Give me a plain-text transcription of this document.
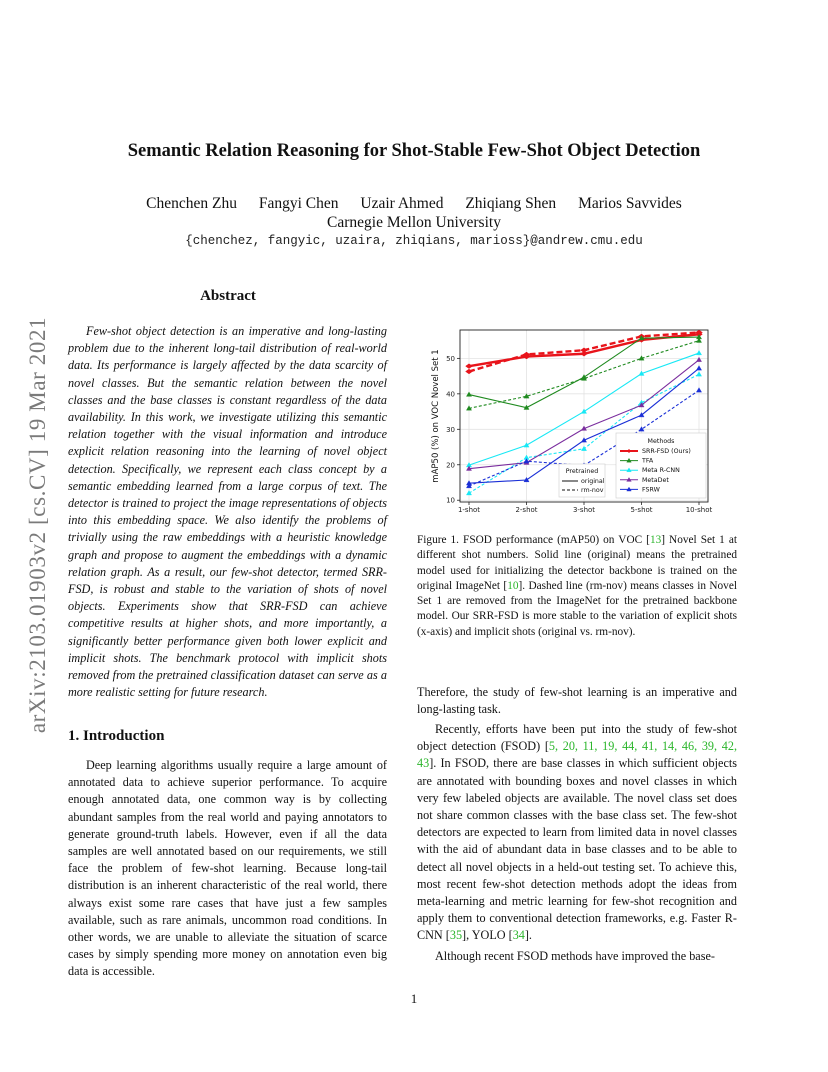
arXiv:2103.01903v2 [cs.CV] 19 Mar 2021
Semantic Relation Reasoning for Shot-Stable Few-Shot Object Detection
Chenchen Zhu Fangyi Chen Uzair Ahmed Zhiqiang Shen Marios Savvides
Carnegie Mellon University
{chenchez, fangyic, uzaira, zhiqians, marioss}@andrew.cmu.edu
Abstract

Few-shot object detection is an imperative and long-lasting problem due to the inherent long-tail distribution of real-world data. Its performance is largely affected by the data scarcity of novel classes. But the semantic relation between the novel classes and the base classes is constant regardless of the data availability. In this work, we investigate utilizing this semantic relation together with the visual information and introduce explicit relation reasoning into the learning of novel object detection. Specifically, we represent each class concept by a semantic embedding learned from a large corpus of text. The detector is trained to project the image representations of objects into this embedding space. We also identify the problems of trivially using the raw embeddings with a heuristic knowledge graph and propose to augment the embeddings with a dynamic relation graph. As a result, our few-shot detector, termed SRR-FSD, is robust and stable to the variation of shots of novel objects. Experiments show that SRR-FSD can achieve competitive results at higher shots, and more importantly, a significantly better performance given both lower explicit and implicit shots. The benchmark protocol with implicit shots removed from the pretrained classification dataset can serve as a more realistic setting for future research.

1. Introduction

Deep learning algorithms usually require a large amount of annotated data to achieve superior performance. To acquire enough annotated data, one common way is by collecting abundant samples from the real world and paying annotators to generate ground-truth labels. However, even if all the data samples are well annotated based on our requirements, we still face the problem of few-shot learning. Because long-tail distribution is an inherent characteristic of the real world, there always exist some rare cases that have just a few samples available, such as rare animals, uncommon road conditions. In other words, we are unable to alleviate the situation of scarce cases by simply spending more money on annotation even big data is accessible.

10
20
30
40
50
1-shot	2-shot	3-shot	5-shot	10-shot
mAP50 (%) on VOC Novel Set 1	Pretrained
original
rm-nov
Methods
SRR-FSD (Ours)
TFA
Meta R-CNN
MetaDet
FSRW

Figure 1. FSOD performance (mAP50) on VOC [13] Novel Set 1 at different shot numbers. Solid line (original) means the pretrained model used for initializing the detector backbone is trained on the original ImageNet [10]. Dashed line (rm-nov) means classes in Novel Set 1 are removed from the ImageNet for the pretrained backbone model. Our SRR-FSD is more stable to the variation of explicit shots (x-axis) and implicit shots (original vs. rm-nov).

Therefore, the study of few-shot learning is an imperative and long-lasting task.

Recently, efforts have been put into the study of few-shot object detection (FSOD) [5, 20, 11, 19, 44, 41, 14, 46, 39, 42, 43]. In FSOD, there are base classes in which sufficient objects are annotated with bounding boxes and novel classes in which very few labeled objects are available. The novel class set does not share common classes with the base class set. The few-shot detectors are expected to learn from limited data in novel classes with the aid of abundant data in base classes and to be able to detect all novel objects in a held-out testing set. To achieve this, most recent few-shot detection methods adopt the ideas from meta-learning and metric learning for few-shot recognition and apply them to conventional detection frameworks, e.g. Faster R-CNN [35], YOLO [34].

Although recent FSOD methods have improved the base-

1
